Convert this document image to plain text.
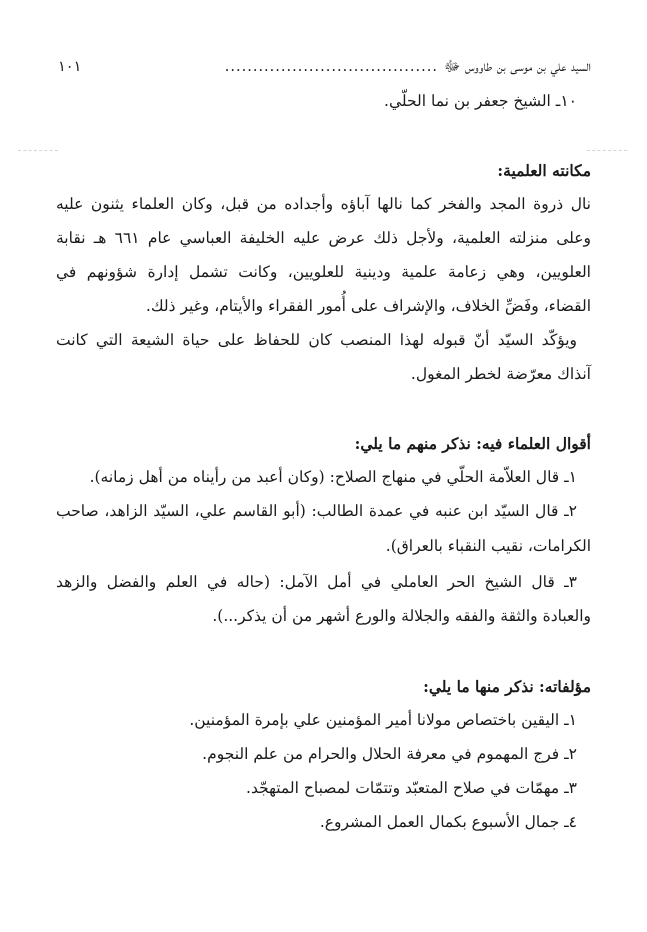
السيد علي بن موسى بن طاووس ﷻ
......................................
١٠١
١٠ـ الشيخ جعفر بن نما الحلّي.
مكانته العلمية:
نال ذروة المجد والفخر كما نالها آباؤه وأجداده من قبل، وكان العلماء يثنون عليه
وعلى منزلته العلمية، ولأجل ذلك عرض عليه الخليفة العباسي عام ٦٦١ هـ نقابة
العلويين، وهي زعامة علمية ودينية للعلويين، وكانت تشمل إدارة شؤونهم في
القضاء، وفَضِّ الخلاف، والإشراف على أُمور الفقراء والأيتام، وغير ذلك.
ويؤكّد السيّد أنّ قبوله لهذا المنصب كان للحفاظ على حياة الشيعة التي كانت
آنذاك معرّضة لخطر المغول.
أقوال العلماء فيه: نذكر منهم ما يلي:
١ـ قال العلاّمة الحلّي في منهاج الصلاح: (وكان أعبد من رأيناه من أهل زمانه).
٢ـ قال السيّد ابن عنبه في عمدة الطالب: (أبو القاسم علي، السيّد الزاهد، صاحب
الكرامات، نقيب النقباء بالعراق).
٣ـ قال الشيخ الحر العاملي في أمل الآمل: (حاله في العلم والفضل والزهد
والعبادة والثقة والفقه والجلالة والورع أشهر من أن يذكر...).
مؤلفاته: نذكر منها ما يلي:
١ـ اليقين باختصاص مولانا أمير المؤمنين علي بإمرة المؤمنين.
٢ـ فرج المهموم في معرفة الحلال والحرام من علم النجوم.
٣ـ مهمّات في صلاح المتعبّد وتتمّات لمصباح المتهجّد.
٤ـ جمال الأسبوع بكمال العمل المشروع.
